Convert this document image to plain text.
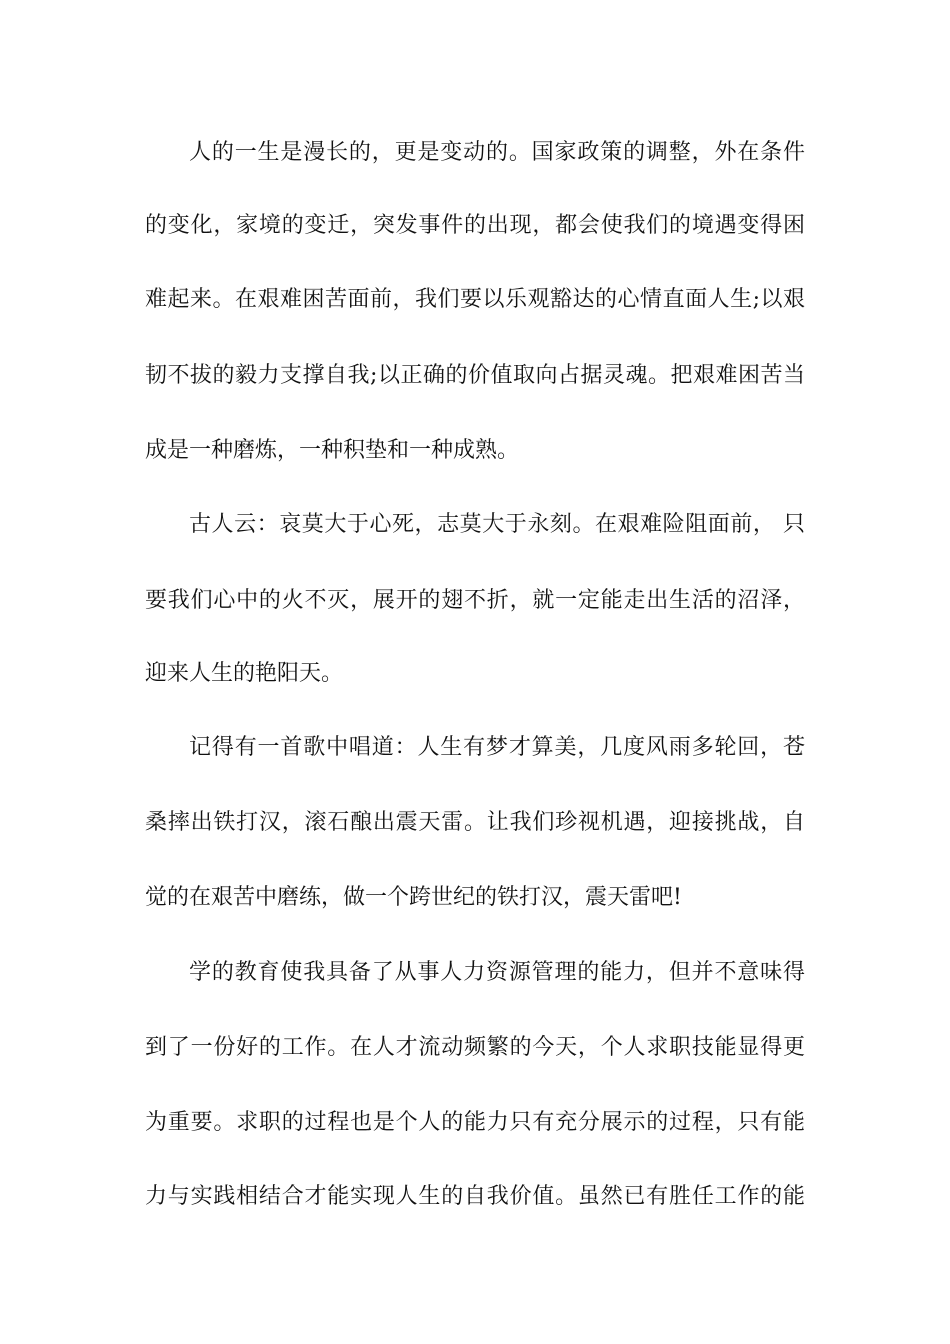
人的一生是漫长的，更是变动的。国家政策的调整，外在条件
的变化，家境的变迁，突发事件的出现，都会使我们的境遇变得困
难起来。在艰难困苦面前，我们要以乐观豁达的心情直面人生;以艰
韧不拔的毅力支撑自我;以正确的价值取向占据灵魂。把艰难困苦当
成是一种磨炼，一种积垫和一种成熟。
古人云：哀莫大于心死，志莫大于永刻。在艰难险阻面前， 只
要我们心中的火不灭，展开的翅不折，就一定能走出生活的沼泽，
迎来人生的艳阳天。
记得有一首歌中唱道：人生有梦才算美，几度风雨多轮回，苍
桑摔出铁打汉，滚石酿出震天雷。让我们珍视机遇，迎接挑战，自
觉的在艰苦中磨练，做一个跨世纪的铁打汉，震天雷吧!
学的教育使我具备了从事人力资源管理的能力，但并不意味得
到了一份好的工作。在人才流动频繁的今天，个人求职技能显得更
为重要。求职的过程也是个人的能力只有充分展示的过程，只有能
力与实践相结合才能实现人生的自我价值。虽然已有胜任工作的能
